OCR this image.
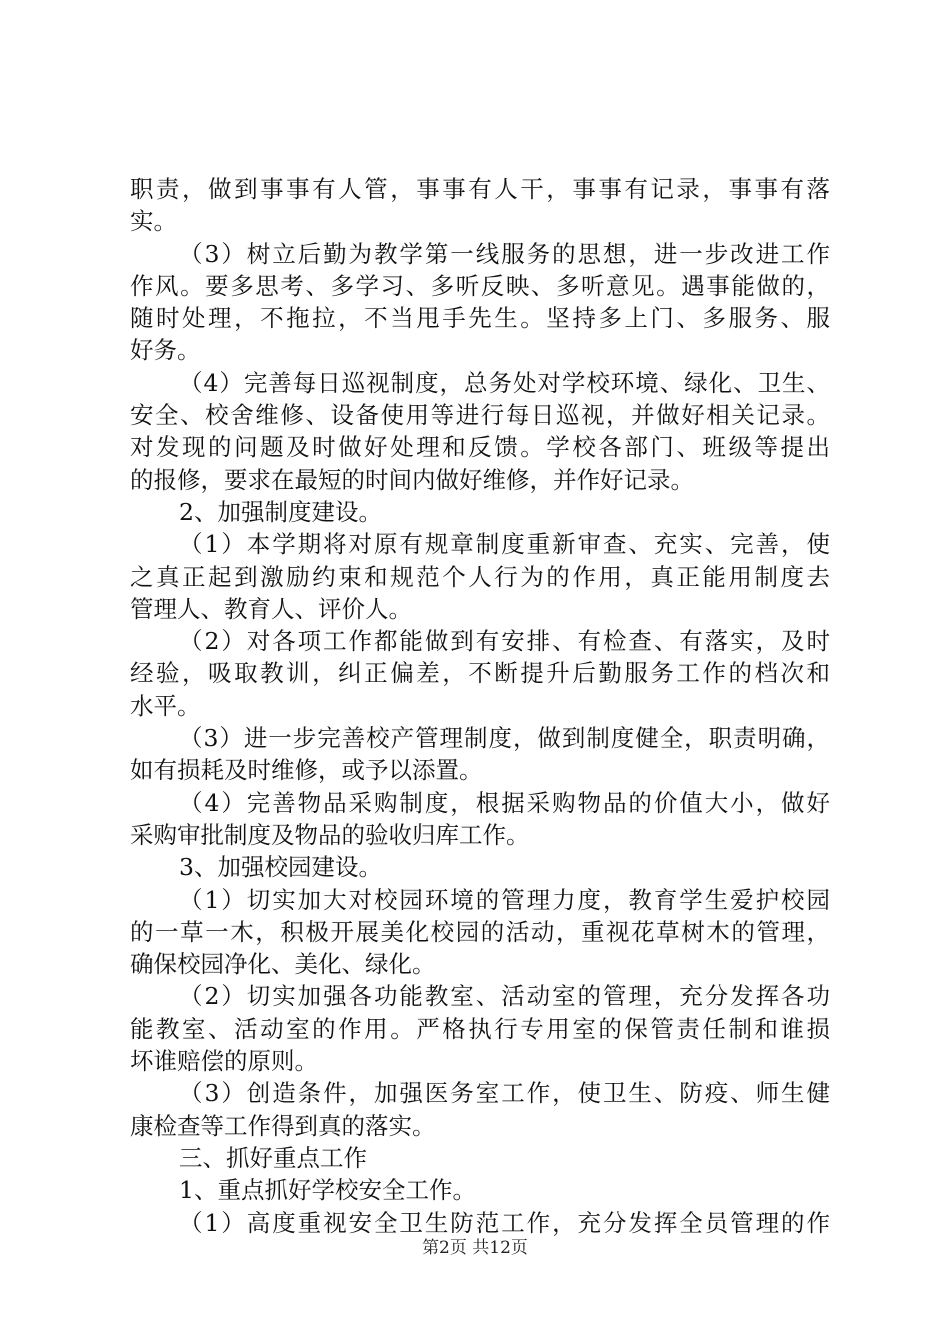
职责，做到事事有人管，事事有人干，事事有记录，事事有落
实。
（3）树立后勤为教学第一线服务的思想，进一步改进工作
作风。要多思考、多学习、多听反映、多听意见。遇事能做的，
随时处理，不拖拉，不当甩手先生。坚持多上门、多服务、服
好务。
（4）完善每日巡视制度，总务处对学校环境、绿化、卫生、
安全、校舍维修、设备使用等进行每日巡视，并做好相关记录。
对发现的问题及时做好处理和反馈。学校各部门、班级等提出
的报修，要求在最短的时间内做好维修，并作好记录。
2、加强制度建设。
（1）本学期将对原有规章制度重新审查、充实、完善，使
之真正起到激励约束和规范个人行为的作用，真正能用制度去
管理人、教育人、评价人。
（2）对各项工作都能做到有安排、有检查、有落实，及时
经验，吸取教训，纠正偏差，不断提升后勤服务工作的档次和
水平。
（3）进一步完善校产管理制度，做到制度健全，职责明确，
如有损耗及时维修，或予以添置。
（4）完善物品采购制度，根据采购物品的价值大小，做好
采购审批制度及物品的验收归库工作。
3、加强校园建设。
（1）切实加大对校园环境的管理力度，教育学生爱护校园
的一草一木，积极开展美化校园的活动，重视花草树木的管理，
确保校园净化、美化、绿化。
（2）切实加强各功能教室、活动室的管理，充分发挥各功
能教室、活动室的作用。严格执行专用室的保管责任制和谁损
坏谁赔偿的原则。
（3）创造条件，加强医务室工作，使卫生、防疫、师生健
康检查等工作得到真的落实。
三、抓好重点工作
1、重点抓好学校安全工作。
（1）高度重视安全卫生防范工作，充分发挥全员管理的作
第2页 共12页
